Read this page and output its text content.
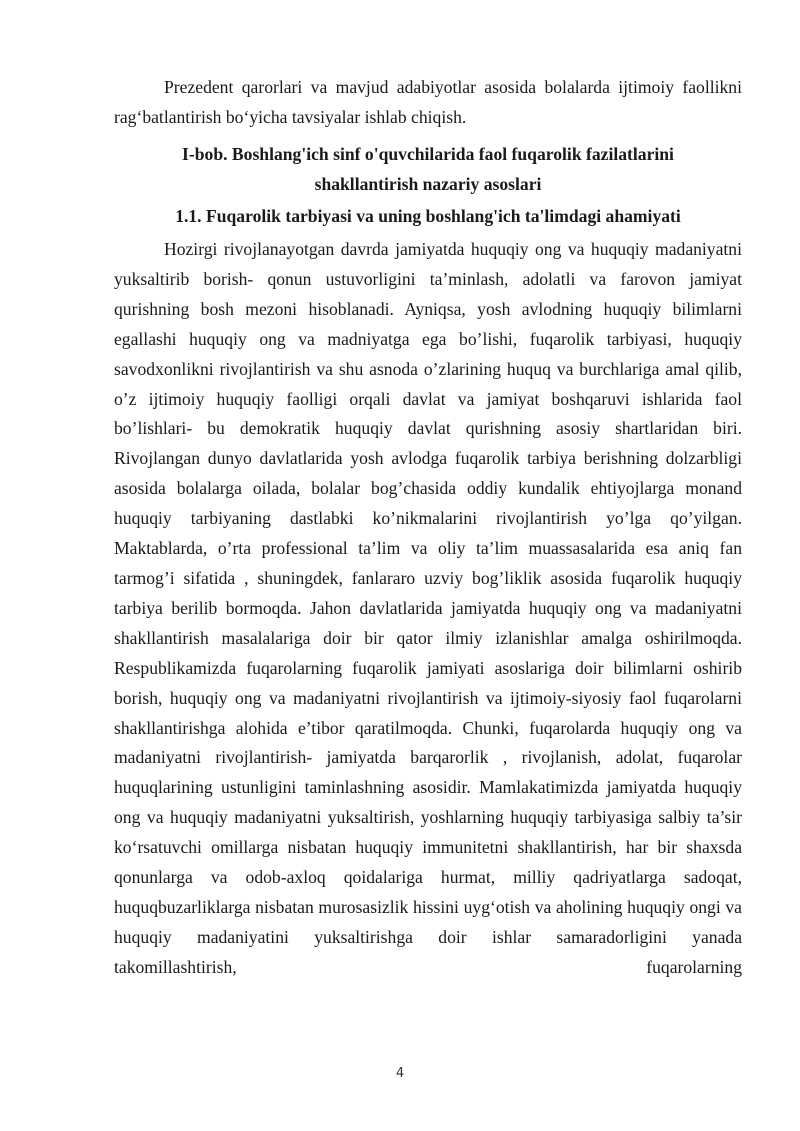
Prezedent qarorlari va mavjud adabiyotlar asosida bolalarda ijtimoiy faollikni rag‘batlantirish bo‘yicha tavsiyalar ishlab chiqish.

I-bob. Boshlang'ich sinf o'quvchilarida faol fuqarolik fazilatlarini
shakllantirish nazariy asoslari
1.1. Fuqarolik tarbiyasi va uning boshlang'ich ta'limdagi ahamiyati

Hozirgi rivojlanayotgan davrda jamiyatda huquqiy ong va huquqiy madaniyatni yuksaltirib borish- qonun ustuvorligini ta’minlash, adolatli va farovon jamiyat qurishning bosh mezoni hisoblanadi. Ayniqsa, yosh avlodning huquqiy bilimlarni egallashi huquqiy ong va madniyatga ega bo’lishi, fuqarolik tarbiyasi, huquqiy savodxonlikni rivojlantirish va shu asnoda o’zlarining huquq va burchlariga amal qilib, o’z ijtimoiy huquqiy faolligi orqali davlat va jamiyat boshqaruvi ishlarida faol bo’lishlari- bu demokratik huquqiy davlat qurishning asosiy shartlaridan biri. Rivojlangan dunyo davlatlarida yosh avlodga fuqarolik tarbiya berishning dolzarbligi asosida bolalarga oilada, bolalar bog’chasida oddiy kundalik ehtiyojlarga monand huquqiy tarbiyaning dastlabki ko’nikmalarini rivojlantirish yo’lga qo’yilgan. Maktablarda, o’rta professional ta’lim va oliy ta’lim muassasalarida esa aniq fan tarmog’i sifatida , shuningdek, fanlararo uzviy bog’liklik asosida fuqarolik huquqiy tarbiya berilib bormoqda. Jahon davlatlarida jamiyatda huquqiy ong va madaniyatni shakllantirish masalalariga doir bir qator ilmiy izlanishlar amalga oshirilmoqda. Respublikamizda fuqarolarning fuqarolik jamiyati asoslariga doir bilimlarni oshirib borish, huquqiy ong va madaniyatni rivojlantirish va ijtimoiy-siyosiy faol fuqarolarni shakllantirishga alohida e’tibor qaratilmoqda. Chunki, fuqarolarda huquqiy ong va madaniyatni rivojlantirish- jamiyatda barqarorlik , rivojlanish, adolat, fuqarolar huquqlarining ustunligini taminlashning asosidir. Mamlakatimizda jamiyatda huquqiy ong va huquqiy madaniyatni yuksaltirish, yoshlarning huquqiy tarbiyasiga salbiy ta’sir ko‘rsatuvchi omillarga nisbatan huquqiy immunitetni shakllantirish, har bir shaxsda qonunlarga va odob-axloq qoidalariga hurmat, milliy qadriyatlarga sadoqat, huquqbuzarliklarga nisbatan murosasizlik hissini uyg‘otish va aholining huquqiy ongi va huquqiy madaniyatini yuksaltirishga doir ishlar samaradorligini yanada takomillashtirish, fuqarolarning

4
